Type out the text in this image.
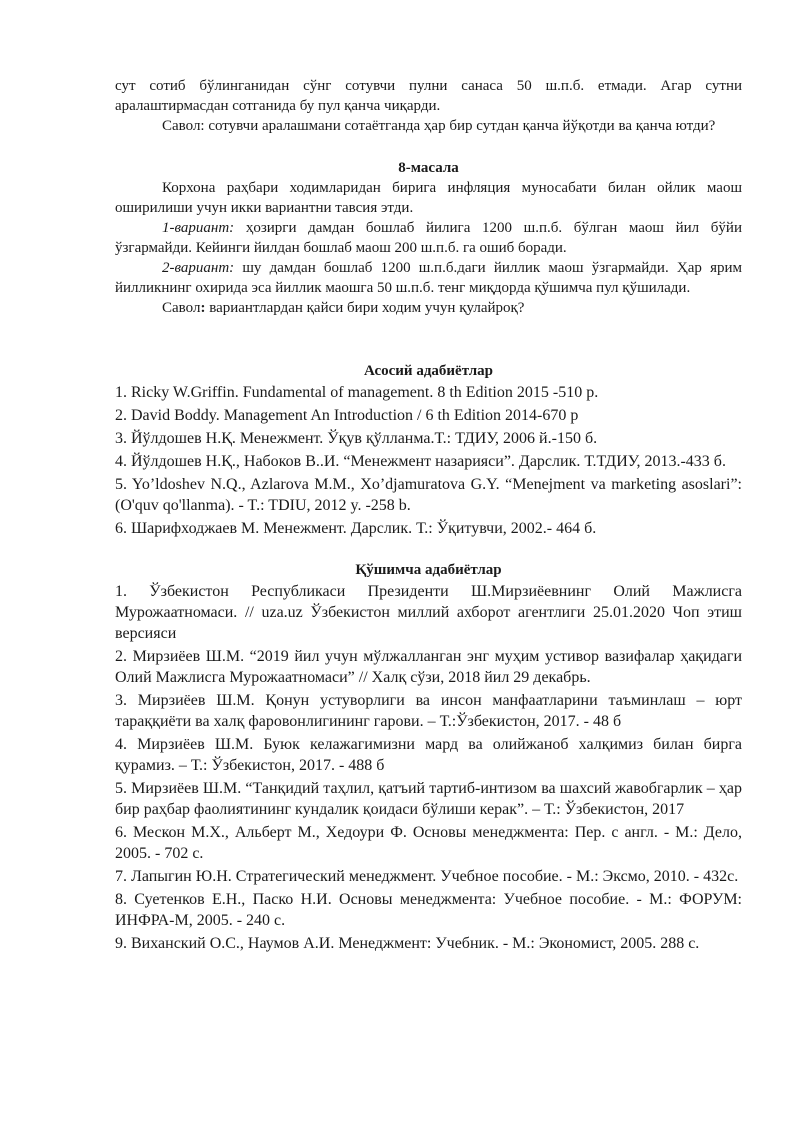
сут сотиб бўлинганидан сўнг сотувчи пулни санаса 50 ш.п.б. етмади. Агар сутни аралаштирмасдан сотганида бу пул қанча чиқарди.

Савол: сотувчи аралашмани сотаётганда ҳар бир сутдан қанча йўқотди ва қанча ютди?

8-масала

Корхона раҳбари ходимларидан бирига инфляция муносабати билан ойлик маош оширилиши учун икки вариантни тавсия этди.

1-вариант: ҳозирги дамдан бошлаб йилига 1200 ш.п.б. бўлган маош йил бўйи ўзгармайди. Кейинги йилдан бошлаб маош 200 ш.п.б. га ошиб боради.

2-вариант: шу дамдан бошлаб 1200 ш.п.б.даги йиллик маош ўзгармайди. Ҳар ярим йилликнинг охирида эса йиллик маошга 50 ш.п.б. тенг миқдорда қўшимча пул қўшилади.

Савол: вариантлардан қайси бири ходим учун қулайроқ?

Асосий адабиётлар

1. Ricky W.Griffin. Fundamental of management. 8 th Edition 2015 -510 p.

2. David Boddy. Management An Introduction / 6 th Edition 2014-670 p

3. Йўлдошев Н.Қ. Менежмент. Ўқув қўлланма.Т.: ТДИУ, 2006 й.-150 б.

4. Йўлдошев Н.Қ., Набоков В..И. “Менежмент назарияси”. Дарслик. Т.ТДИУ, 2013.-433 б.

5. Yo’ldoshev N.Q., Azlarova M.M., Xo’djamuratova G.Y. “Menejment va marketing asoslari”: (O'quv qo'llanma). - T.: TDIU, 2012 y. -258 b.

6. Шарифходжаев М. Менежмент. Дарслик. Т.: Ўқитувчи, 2002.- 464 б.

Қўшимча адабиётлар

1. Ўзбекистон Республикаси Президенти Ш.Мирзиёевнинг Олий Мажлисга Мурожаатномаси. // uza.uz Ўзбекистон миллий ахборот агентлиги 25.01.2020 Чоп этиш версияси

2. Мирзиёев Ш.М. “2019 йил учун мўлжалланган энг муҳим устивор вазифалар ҳақидаги Олий Мажлисга Мурожаатномаси” // Халқ сўзи, 2018 йил 29 декабрь.

3. Мирзиёев Ш.М. Қонун устуворлиги ва инсон манфаатларини таъминлаш – юрт тараққиёти ва халқ фаровонлигининг гарови. – Т.:Ўзбекистон, 2017. - 48 б

4. Мирзиёев Ш.М. Буюк келажагимизни мард ва олийжаноб халқимиз билан бирга қурамиз. – Т.: Ўзбекистон, 2017. - 488 б

5. Мирзиёев Ш.М. “Танқидий таҳлил, қатъий тартиб-интизом ва шахсий жавобгарлик – ҳар бир раҳбар фаолиятининг кундалик қоидаси бўлиши керак”. – Т.: Ўзбекистон, 2017

6. Мескон М.Х., Альберт М., Хедоури Ф. Основы менеджмента: Пер. с англ. - М.: Дело, 2005. - 702 с.

7. Лапыгин Ю.Н. Стратегический менеджмент. Учебное пособие. - М.: Эксмо, 2010. - 432с.

8. Суетенков Е.Н., Паско Н.И. Основы менеджмента: Учебное пособие. - М.: ФОРУМ: ИНФРА-М, 2005. - 240 с.

9. Виханский О.С., Наумов А.И. Менеджмент: Учебник. - М.: Экономист, 2005. 288 с.
